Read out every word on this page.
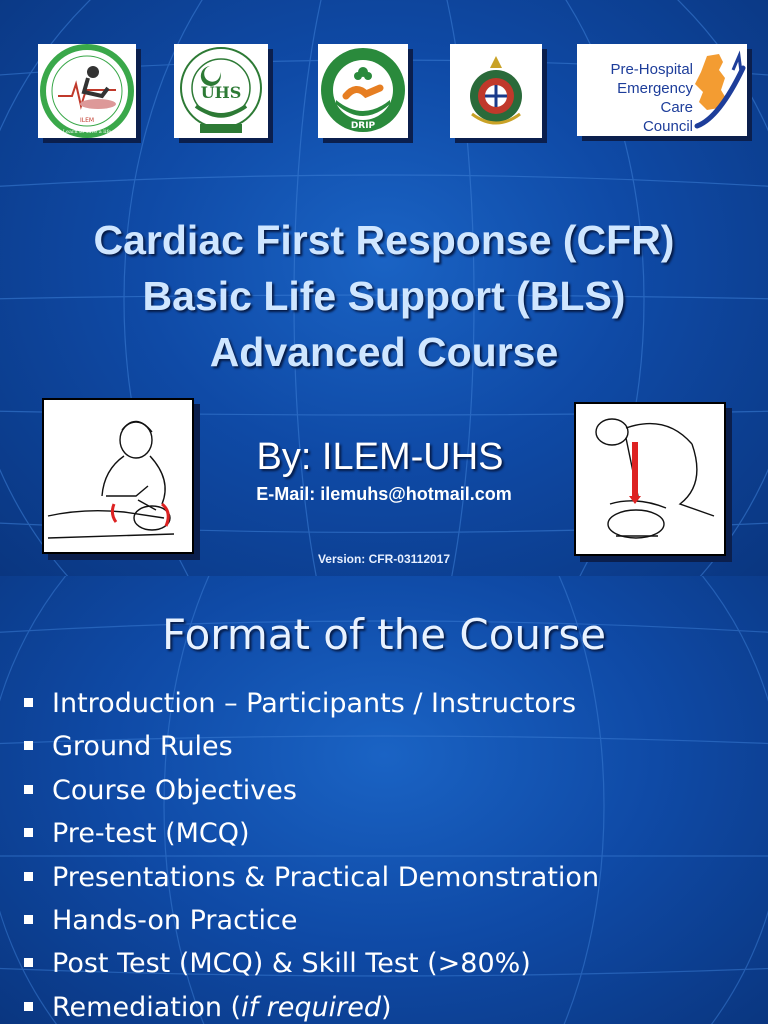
ILEM
Learn to save a life
UHS
DRIP
Pre-Hospital
Emergency Care
Council
Cardiac First Response (CFR)
Basic Life Support (BLS)
Advanced Course
By: ILEM-UHS
E-Mail: ilemuhs@hotmail.com
Version: CFR-03112017
Format of the Course
Introduction – Participants / Instructors
Ground Rules
Course Objectives
Pre-test (MCQ)
Presentations & Practical Demonstration
Hands-on Practice
Post Test (MCQ) & Skill Test (>80%)
Remediation (if required)
